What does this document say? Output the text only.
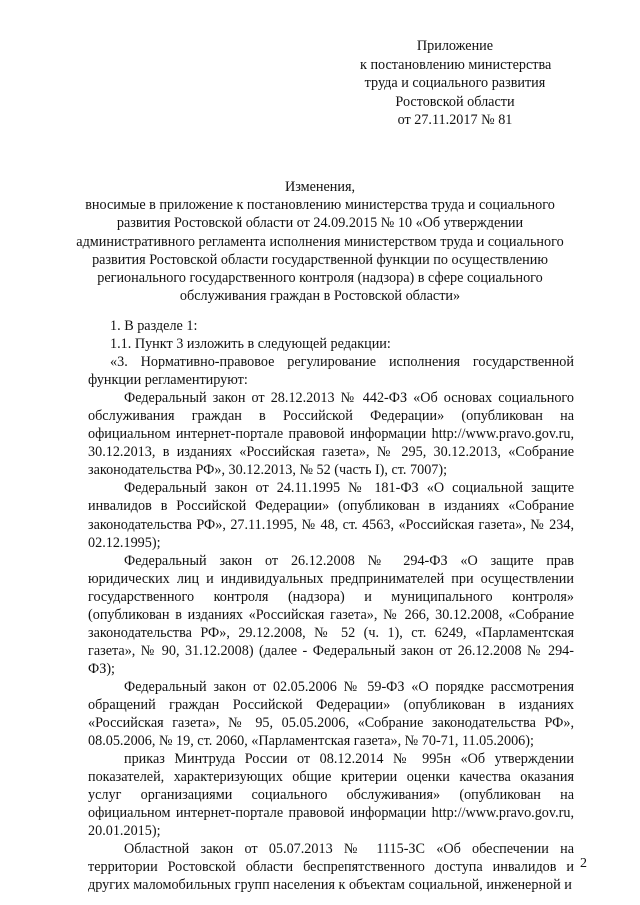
Приложение
к постановлению министерства
труда и социального развития
Ростовской области
от 27.11.2017 № 81
Изменения,
вносимые в приложение к постановлению министерства труда и социального
развития Ростовской области от 24.09.2015 № 10 «Об утверждении
административного регламента исполнения министерством труда и социального
развития Ростовской области государственной функции по осуществлению
регионального государственного контроля (надзора) в сфере социального
обслуживания граждан в Ростовской области»

1. В разделе 1:

1.1. Пункт 3 изложить в следующей редакции:

«3. Нормативно-правовое регулирование исполнения государственной функции регламентируют:

Федеральный закон от 28.12.2013 № 442-ФЗ «Об основах социального обслуживания граждан в Российской Федерации» (опубликован на официальном интернет-портале правовой информации http://www.pravo.gov.ru, 30.12.2013, в изданиях «Российская газета», № 295, 30.12.2013, «Собрание законодательства РФ», 30.12.2013, № 52 (часть I), ст. 7007);

Федеральный закон от 24.11.1995 № 181-ФЗ «О социальной защите инвалидов в Российской Федерации» (опубликован в изданиях «Собрание законодательства РФ», 27.11.1995, № 48, ст. 4563, «Российская газета», № 234, 02.12.1995);

Федеральный закон от 26.12.2008 № 294-ФЗ «О защите прав юридических лиц и индивидуальных предпринимателей при осуществлении государственного контроля (надзора) и муниципального контроля» (опубликован в изданиях «Российская газета», № 266, 30.12.2008, «Собрание законодательства РФ», 29.12.2008, № 52 (ч. 1), ст. 6249, «Парламентская газета», № 90, 31.12.2008) (далее - Федеральный закон от 26.12.2008 № 294-ФЗ);

Федеральный закон от 02.05.2006 № 59-ФЗ «О порядке рассмотрения обращений граждан Российской Федерации» (опубликован в изданиях «Российская газета», № 95, 05.05.2006, «Собрание законодательства РФ», 08.05.2006, № 19, ст. 2060, «Парламентская газета», № 70-71, 11.05.2006);

приказ Минтруда России от 08.12.2014 № 995н «Об утверждении показателей, характеризующих общие критерии оценки качества оказания услуг организациями социального обслуживания» (опубликован на официальном интернет-портале правовой информации http://www.pravo.gov.ru, 20.01.2015);

Областной закон от 05.07.2013 № 1115-ЗС «Об обеспечении на территории Ростовской области беспрепятственного доступа инвалидов и других маломобильных групп населения к объектам социальной, инженерной и

2
